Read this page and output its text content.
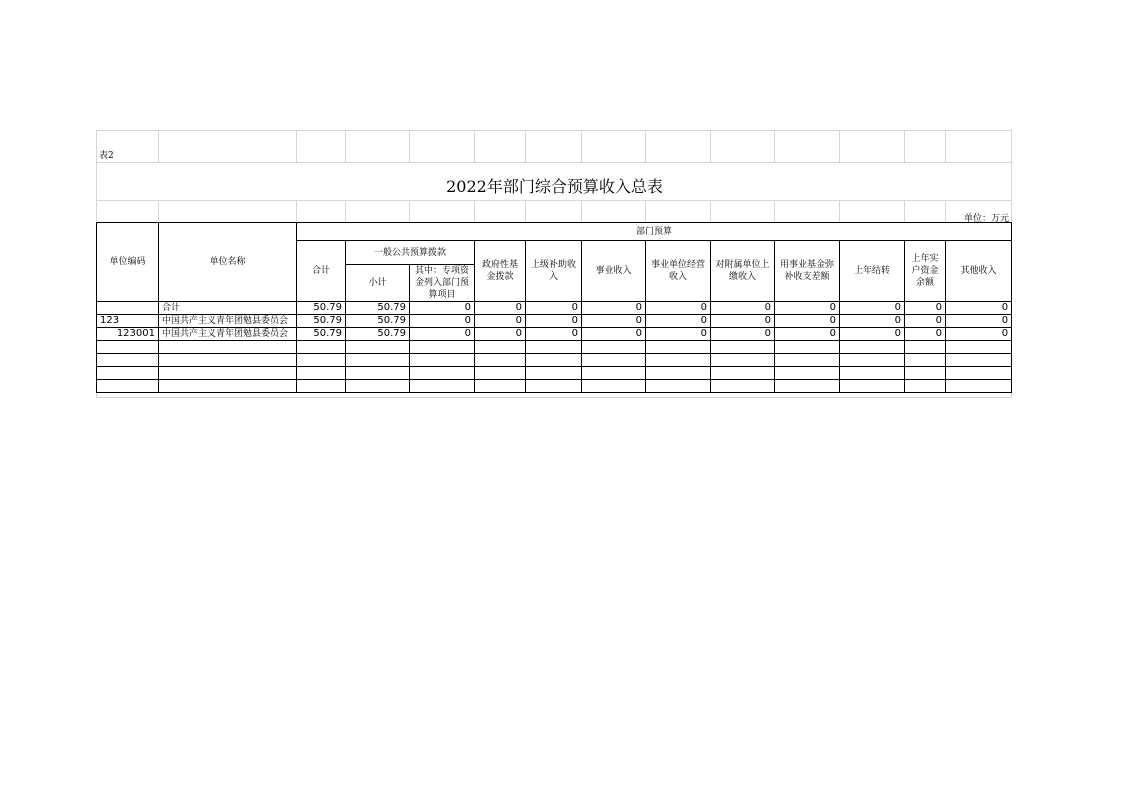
表2
2022年部门综合预算收入总表
单位：万元
单位编码	单位名称	部门预算											
		合计	一般公共预算拨款		政府性基金拨款	上级补助收入	事业收入	事业单位经营收入	对附属单位上缴收入	用事业基金弥补收支差额	上年结转	上年实户资金余额	其他收入
			小计	其中：专项资金列入部门预算项目									

	合计	50.79	50.79	0	0	0	0	0	0	0	0	0	0
123	中国共产主义青年团勉县委员会	50.79	50.79	0	0	0	0	0	0	0	0	0	0
123001	中国共产主义青年团勉县委员会	50.79	50.79	0	0	0	0	0	0	0	0	0	0
